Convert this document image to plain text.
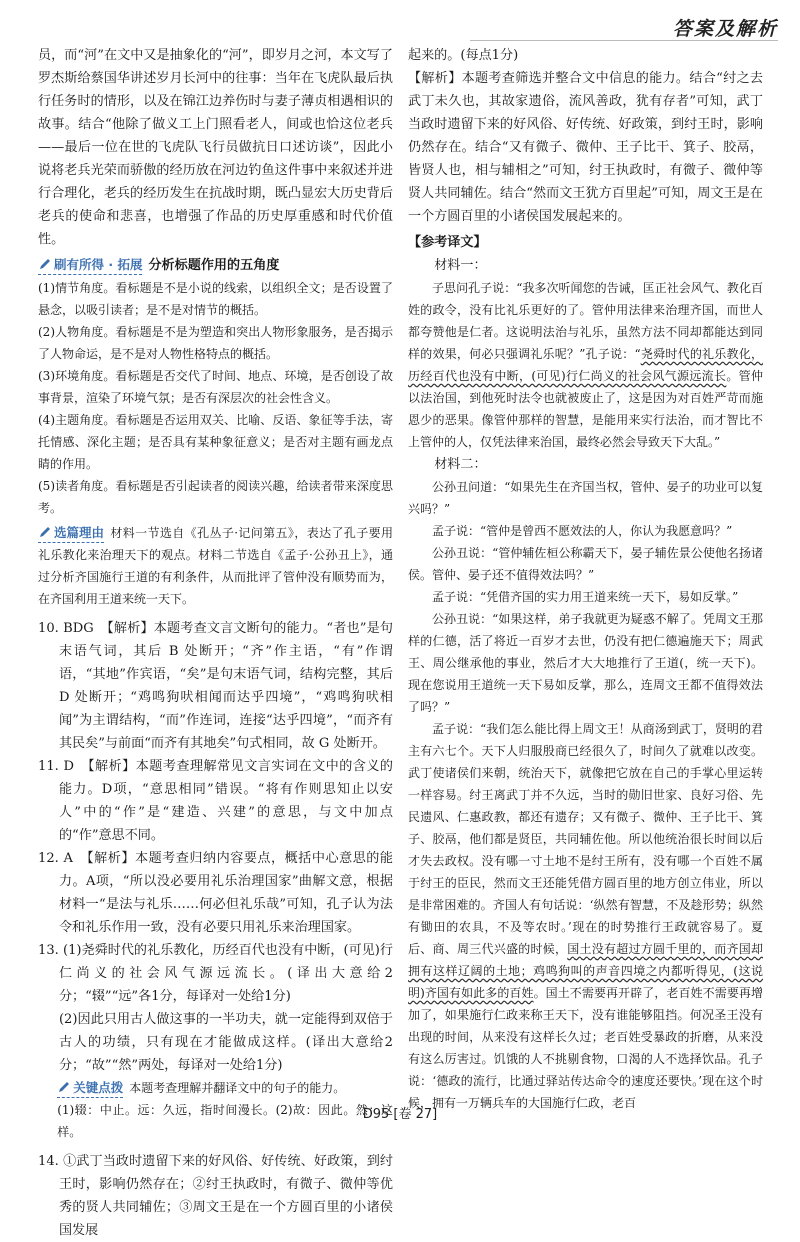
答案及解析

员，而“河”在文中又是抽象化的“河”，即岁月之河，本文写了罗杰斯给蔡国华讲述岁月长河中的往事：当年在飞虎队最后执行任务时的情形，以及在锦江边养伤时与妻子薄贞相遇相识的故事。结合“他除了做义工上门照看老人，间或也恰这位老兵——最后一位在世的飞虎队飞行员做抗日口述访谈”，因此小说将老兵光荣而骄傲的经历放在河边钓鱼这件事中来叙述并进行合理化，老兵的经历发生在抗战时期，既凸显宏大历史背后老兵的使命和悲喜，也增强了作品的历史厚重感和时代价值性。

刷有所得 · 拓展 分析标题作用的五角度

(1)情节角度。看标题是不是小说的线索，以组织全文；是否设置了悬念，以吸引读者；是不是对情节的概括。

(2)人物角度。看标题是不是为塑造和突出人物形象服务，是否揭示了人物命运，是不是对人物性格特点的概括。

(3)环境角度。看标题是否交代了时间、地点、环境，是否创设了故事背景，渲染了环境气氛；是否有深层次的社会性含义。

(4)主题角度。看标题是否运用双关、比喻、反语、象征等手法，寄托情感、深化主题；是否具有某种象征意义；是否对主题有画龙点睛的作用。

(5)读者角度。看标题是否引起读者的阅读兴趣，给读者带来深度思考。

选篇理由 材料一节选自《孔丛子·记问第五》，表达了孔子要用礼乐教化来治理天下的观点。材料二节选自《孟子·公孙丑上》，通过分析齐国施行王道的有利条件，从而批评了管仲没有顺势而为，在齐国利用王道来统一天下。

10. BDG　【解析】本题考查文言文断句的能力。“者也”是句末语气词，其后 B 处断开；“齐”作主语，“有”作谓语，“其地”作宾语，“矣”是句末语气词，结构完整，其后 D 处断开；“鸡鸣狗吠相闻而达乎四境”，“鸡鸣狗吠相闻”为主谓结构，“而”作连词，连接“达乎四境”，“而齐有其民矣”与前面“而齐有其地矣”句式相同，故 G 处断开。

11. D　【解析】本题考查理解常见文言实词在文中的含义的能力。D项，“意思相同”错误。“将有作则思知止以安人”中的“作”是“建造、兴建”的意思，与文中加点的“作”意思不同。

12. A　【解析】本题考查归纳内容要点，概括中心意思的能力。A项，“所以没必要用礼乐治理国家”曲解文意，根据材料一“是法与礼乐……何必但礼乐哉”可知，孔子认为法令和礼乐作用一致，没有必要只用礼乐来治理国家。

13. (1)尧舜时代的礼乐教化，历经百代也没有中断，(可见)行仁尚义的社会风气源远流长。(译出大意给2分；“辍”“远”各1分，每译对一处给1分)

(2)因此只用古人做这事的一半功夫，就一定能得到双倍于古人的功绩，只有现在才能做成这样。(译出大意给2分；“故”“然”两处，每译对一处给1分)

关键点拨 本题考查理解并翻译文中的句子的能力。

(1)辍：中止。远：久远，指时间漫长。(2)故：因此。然：这样。

14. ①武丁当政时遗留下来的好风俗、好传统、好政策，到纣王时，影响仍然存在；②纣王执政时，有微子、微仲等优秀的贤人共同辅佐；③周文王是在一个方圆百里的小诸侯国发展

起来的。(每点1分)

【解析】本题考查筛选并整合文中信息的能力。结合“纣之去武丁未久也，其故家遗俗，流风善政，犹有存者”可知，武丁当政时遗留下来的好风俗、好传统、好政策，到纣王时，影响仍然存在。结合“又有微子、微仲、王子比干、箕子、胶鬲，皆贤人也，相与辅相之”可知，纣王执政时，有微子、微仲等贤人共同辅佐。结合“然而文王犹方百里起”可知，周文王是在一个方圆百里的小诸侯国发展起来的。

【参考译文】

材料一：

子思问孔子说：“我多次听闻您的告诫，匡正社会风气、教化百姓的政令，没有比礼乐更好的了。管仲用法律来治理齐国，而世人都夸赞他是仁者。这说明法治与礼乐，虽然方法不同却都能达到同样的效果，何必只强调礼乐呢？”孔子说：“尧舜时代的礼乐教化，历经百代也没有中断，(可见)行仁尚义的社会风气源远流长。管仲以法治国，到他死时法令也就被废止了，这是因为对百姓严苛而施恩少的恶果。像管仲那样的智慧，是能用来实行法治，而才智比不上管仲的人，仅凭法律来治国，最终必然会导致天下大乱。”

材料二：

公孙丑问道：“如果先生在齐国当权，管仲、晏子的功业可以复兴吗？”

孟子说：“管仲是曾西不愿效法的人，你认为我愿意吗？”

公孙丑说：“管仲辅佐桓公称霸天下，晏子辅佐景公使他名扬诸侯。管仲、晏子还不值得效法吗？”

孟子说：“凭借齐国的实力用王道来统一天下，易如反掌。”

公孙丑说：“如果这样，弟子我就更为疑惑不解了。凭周文王那样的仁德，活了将近一百岁才去世，仍没有把仁德遍施天下；周武王、周公继承他的事业，然后才大大地推行了王道(，统一天下)。现在您说用王道统一天下易如反掌，那么，连周文王都不值得效法了吗？”

孟子说：“我们怎么能比得上周文王！从商汤到武丁，贤明的君主有六七个。天下人归服殷商已经很久了，时间久了就难以改变。武丁使诸侯们来朝，统治天下，就像把它放在自己的手掌心里运转一样容易。纣王离武丁并不久远，当时的勋旧世家、良好习俗、先民遗风、仁惠政教，都还有遗存；又有微子、微仲、王子比干、箕子、胶鬲，他们都是贤臣，共同辅佐他。所以他统治很长时间以后才失去政权。没有哪一寸土地不是纣王所有，没有哪一个百姓不属于纣王的臣民，然而文王还能凭借方圆百里的地方创立伟业，所以是非常困难的。齐国人有句话说：‘纵然有智慧，不及趁形势；纵然有锄田的农具，不及等农时。’现在的时势推行王政就容易了。夏后、商、周三代兴盛的时候，国土没有超过方圆千里的，而齐国却拥有这样辽阔的土地；鸡鸣狗叫的声音四境之内都听得见，(这说明)齐国有如此多的百姓。国土不需要再开辟了，老百姓不需要再增加了，如果施行仁政来称王天下，没有谁能够阻挡。何况圣王没有出现的时间，从来没有这样长久过；老百姓受暴政的折磨，从来没有这么厉害过。饥饿的人不挑剔食物，口渴的人不选择饮品。孔子说：‘德政的流行，比通过驿站传达命令的速度还要快。’现在这个时候，拥有一万辆兵车的大国施行仁政，老百

D95 [卷 27]
